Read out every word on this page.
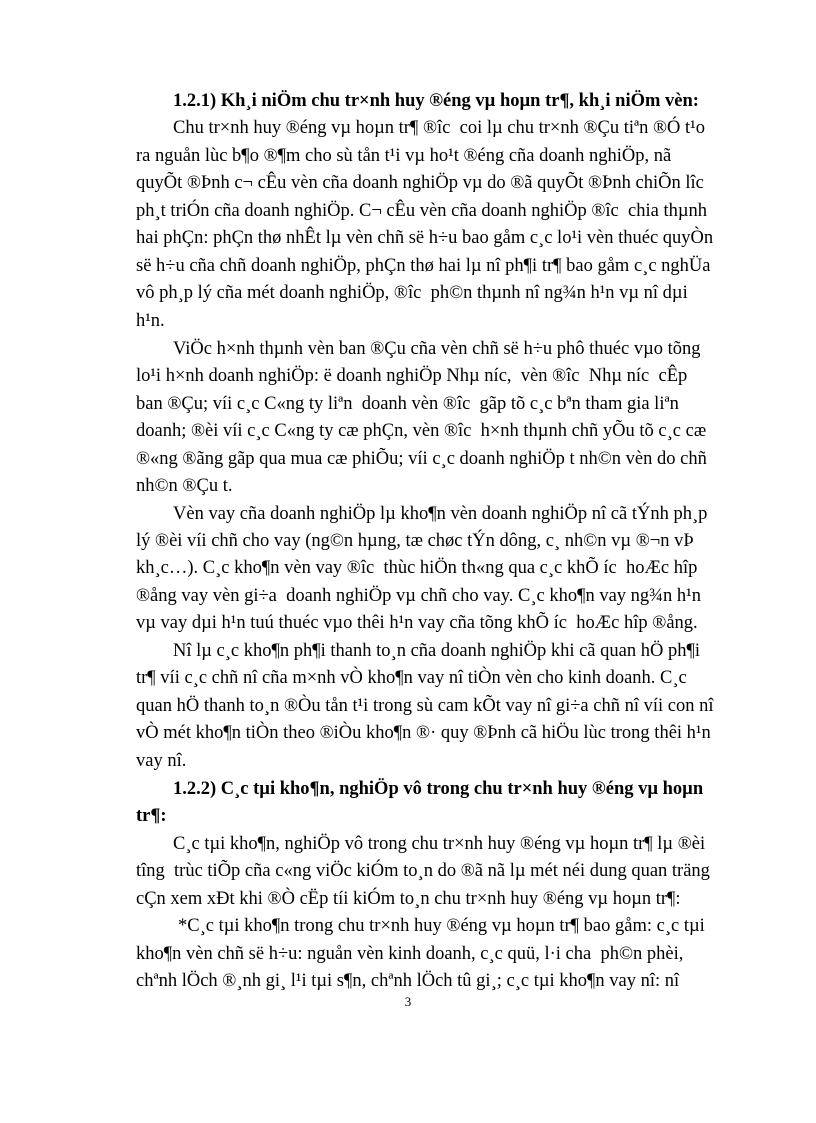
1.2.1) Kh¸i niÖm chu tr×nh huy ®éng vµ hoµn tr¶, kh¸i niÖm vèn:
Chu tr×nh huy ®éng vµ hoµn tr¶ ®îc  coi lµ chu tr×nh ®Çu tiªn ®Ó t¹o
ra nguån lùc b¶o ®¶m cho sù tån t¹i vµ ho¹t ®éng cña doanh nghiÖp, nã
quyÕt ®Þnh c¬ cÊu vèn cña doanh nghiÖp vµ do ®ã quyÕt ®Þnh chiÕn lîc
ph¸t triÓn cña doanh nghiÖp. C¬ cÊu vèn cña doanh nghiÖp ®îc  chia thµnh
hai phÇn: phÇn thø nhÊt lµ vèn chñ së h÷u bao gåm c¸c lo¹i vèn thuéc quyÒn
së h÷u cña chñ doanh nghiÖp, phÇn thø hai lµ nî ph¶i tr¶ bao gåm c¸c nghÜa
vô ph¸p lý cña mét doanh nghiÖp, ®îc  ph©n thµnh nî ng¾n h¹n vµ nî dµi
h¹n.
ViÖc h×nh thµnh vèn ban ®Çu cña vèn chñ së h÷u phô thuéc vµo tõng
lo¹i h×nh doanh nghiÖp: ë doanh nghiÖp Nhµ níc,  vèn ®îc  Nhµ níc  cÊp
ban ®Çu; víi c¸c C«ng ty liªn  doanh vèn ®îc  gãp tõ c¸c bªn tham gia liªn
doanh; ®èi víi c¸c C«ng ty cæ phÇn, vèn ®îc  h×nh thµnh chñ yÕu tõ c¸c cæ
®«ng ®ãng gãp qua mua cæ phiÕu; víi c¸c doanh nghiÖp t nh©n vèn do chñ
nh©n ®Çu t.
Vèn vay cña doanh nghiÖp lµ kho¶n vèn doanh nghiÖp nî cã tÝnh ph¸p
lý ®èi víi chñ cho vay (ng©n hµng, tæ chøc tÝn dông, c¸ nh©n vµ ®¬n vÞ
kh¸c…). C¸c kho¶n vèn vay ®îc  thùc hiÖn th«ng qua c¸c khÕ íc  hoÆc hîp
®ång vay vèn gi÷a  doanh nghiÖp vµ chñ cho vay. C¸c kho¶n vay ng¾n h¹n
vµ vay dµi h¹n tuú thuéc vµo thêi h¹n vay cña tõng khÕ íc  hoÆc hîp ®ång.
Nî lµ c¸c kho¶n ph¶i thanh to¸n cña doanh nghiÖp khi cã quan hÖ ph¶i
tr¶ víi c¸c chñ nî cña m×nh vÒ kho¶n vay nî tiÒn vèn cho kinh doanh. C¸c
quan hÖ thanh to¸n ®Òu tån t¹i trong sù cam kÕt vay nî gi÷a chñ nî víi con nî
vÒ mét kho¶n tiÒn theo ®iÒu kho¶n ®· quy ®Þnh cã hiÖu lùc trong thêi h¹n
vay nî.
1.2.2) C¸c tµi kho¶n, nghiÖp vô trong chu tr×nh huy ®éng vµ hoµn
tr¶:
C¸c tµi kho¶n, nghiÖp vô trong chu tr×nh huy ®éng vµ hoµn tr¶ lµ ®èi
tîng  trùc tiÕp cña c«ng viÖc kiÓm to¸n do ®ã nã lµ mét néi dung quan träng
cÇn xem xÐt khi ®Ò cËp tíi kiÓm to¸n chu tr×nh huy ®éng vµ hoµn tr¶:
*C¸c tµi kho¶n trong chu tr×nh huy ®éng vµ hoµn tr¶ bao gåm: c¸c tµi
kho¶n vèn chñ së h÷u: nguån vèn kinh doanh, c¸c quü, l·i cha  ph©n phèi,
chªnh lÖch ®¸nh gi¸ l¹i tµi s¶n, chªnh lÖch tû gi¸; c¸c tµi kho¶n vay nî: nî
3
